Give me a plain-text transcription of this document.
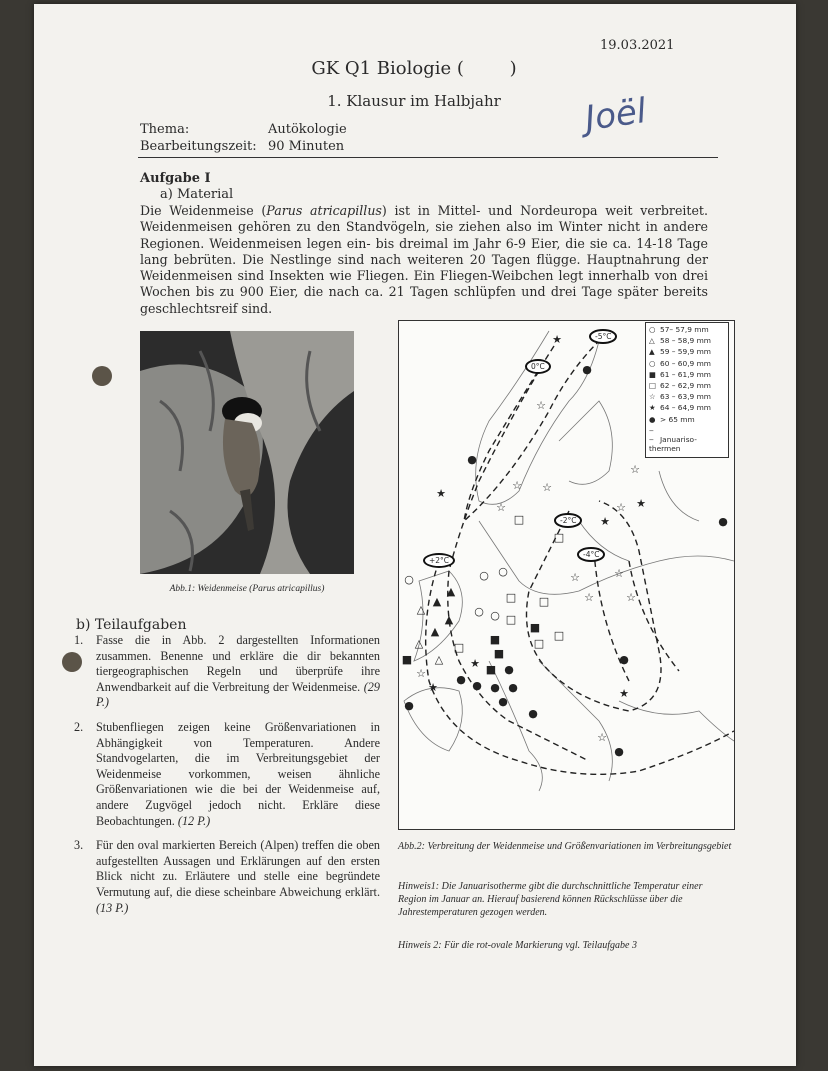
19.03.2021
GK Q1 Biologie (        )
1. Klausur im Halbjahr	Joël
Thema:	Autökologie
Bearbeitungszeit: 90 Minuten
Aufgabe I
a) Material
Die Weidenmeise (Parus atricapillus) ist in Mittel- und Nordeuropa weit verbreitet. Weidenmeisen gehören zu den Standvögeln, sie ziehen also im Winter nicht in andere Regionen. Weidenmeisen legen ein- bis dreimal im Jahr 6-9 Eier, die sie ca. 14-18 Tage lang bebrüten. Die Nestlinge sind nach weiteren 20 Tagen flügge. Hauptnahrung der Weidenmeisen sind Insekten wie Fliegen. Ein Fliegen-Weibchen legt innerhalb von drei Wochen bis zu 900 Eier, die nach ca. 21 Tagen schlüpfen und drei Tage später bereits geschlechtsreif sind.
Abb.1: Weidenmeise (Parus atricapillus)
b) Teilaufgaben
1. Fasse die in Abb. 2 dargestellten Informationen zusammen. Benenne und erkläre die dir bekannten tiergeographischen Regeln und überprüfe ihre Anwendbarkeit auf die Verbreitung der Weidenmeise. (29 P.)
2. Stubenfliegen zeigen keine Größenvariationen in Abhängigkeit von Temperaturen. Andere Standvogelarten, die im Verbreitungsgebiet der Weidenmeise vorkommen, weisen ähnliche Größenvariationen wie die bei der Weidenmeise auf, andere Zugvögel jedoch nicht. Erkläre diese Beobachtungen. (12 P.)
3. Für den oval markierten Bereich (Alpen) treffen die oben aufgestellten Aussagen und Erklärungen auf den ersten Blick nicht zu. Erläutere und stelle eine begründete Vermutung auf, die diese scheinbare Abweichung erklärt. (13 P.)
★
●
☆
●
★
☆ ☆
☆
□
☆
☆
★
★
●
□
☆	☆
☆	☆
○	○ ○
□
□
△
▲
▲
▲
▲
△
○ ○ □
■
□
□
■
■
■
■ △
□
☆
★
★
●
●
● ● ●
●
●
●
★
●
☆
●
-5°C
0°C
-2°C
-4°C
+2°C
○ 57– 57,9 mm
△ 58 – 58,9 mm
▲ 59 – 59,9 mm
○ 60 – 60,9 mm
■ 61 – 61,9 mm
□ 62 – 62,9 mm
☆ 63 – 63,9 mm
★ 64 – 64,9 mm
● > 65 mm
‒ ‒ Januariso-thermen
Abb.2: Verbreitung der Weidenmeise und Größenvariationen im Verbreitungsgebiet
Hinweis1: Die Januarisotherme gibt die durchschnittliche Temperatur einer Region im Januar an. Hierauf basierend können Rückschlüsse über die Jahrestemperaturen gezogen werden.
Hinweis 2: Für die rot-ovale Markierung vgl. Teilaufgabe 3
